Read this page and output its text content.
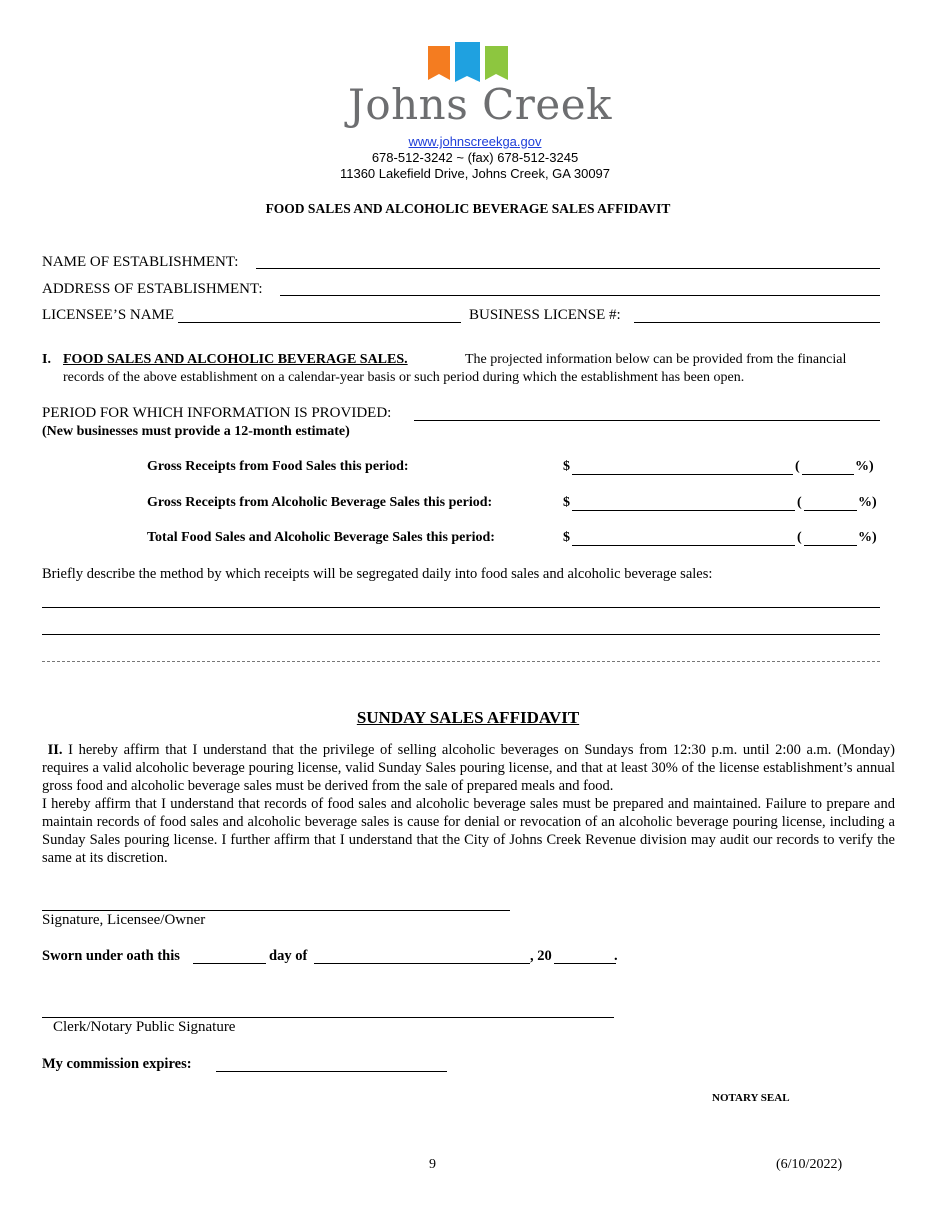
Johns Creek
www.johnscreekga.gov
678-512-3242 ~ (fax) 678-512-3245
11360 Lakefield Drive, Johns Creek, GA 30097
FOOD SALES AND ALCOHOLIC BEVERAGE SALES AFFIDAVIT
NAME OF ESTABLISHMENT:
ADDRESS OF ESTABLISHMENT:
LICENSEE’S NAME	BUSINESS LICENSE #:
I. FOOD SALES AND ALCOHOLIC BEVERAGE SALES.	The projected information below can be provided from the financial
records of the above establishment on a calendar-year basis or such period during which the establishment has been open.
PERIOD FOR WHICH INFORMATION IS PROVIDED:
(New businesses must provide a 12-month estimate)
Gross Receipts from Food Sales this period:	$	(	%)
Gross Receipts from Alcoholic Beverage Sales this period:	$	(	%)
Total Food Sales and Alcoholic Beverage Sales this period:	$	(	%)
Briefly describe the method by which receipts will be segregated daily into food sales and alcoholic beverage sales:
SUNDAY SALES AFFIDAVIT
II. I hereby affirm that I understand that the privilege of selling alcoholic beverages on Sundays from 12:30 p.m. until 2:00 a.m. (Monday) requires a valid alcoholic beverage pouring license, valid Sunday Sales pouring license, and that at least 30% of the license establishment’s annual gross food and alcoholic beverage sales must be derived from the sale of prepared meals and food.
I hereby affirm that I understand that records of food sales and alcoholic beverage sales must be prepared and maintained. Failure to prepare and maintain records of food sales and alcoholic beverage sales is cause for denial or revocation of an alcoholic beverage pouring license, including a Sunday Sales pouring license. I further affirm that I understand that the City of Johns Creek Revenue division may audit our records to verify the same at its discretion.
Signature, Licensee/Owner
Sworn under oath this	day of	, 20	.
Clerk/Notary Public Signature
My commission expires:
NOTARY SEAL
9	(6/10/2022)
